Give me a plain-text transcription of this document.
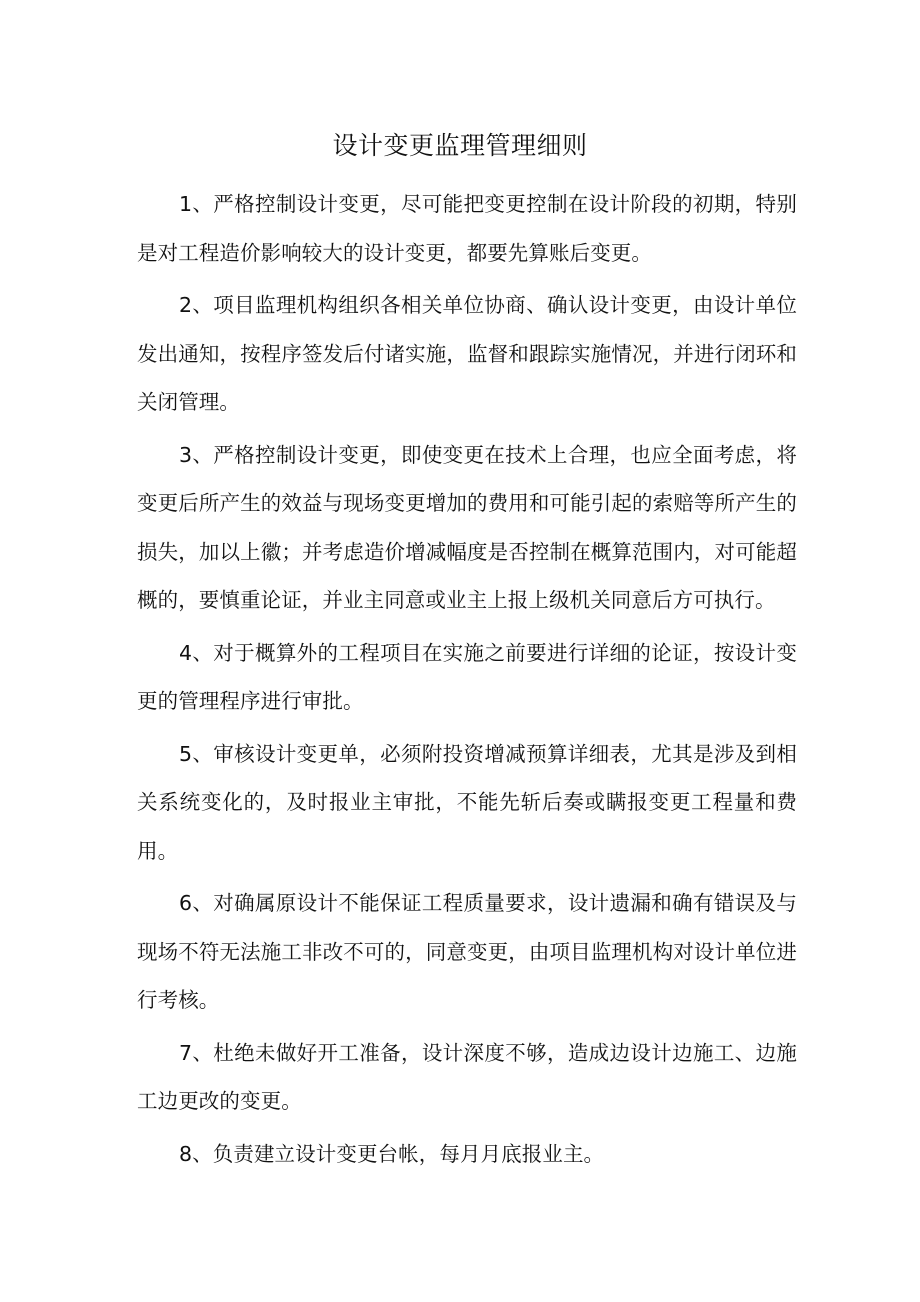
设计变更监理管理细则

1、严格控制设计变更，尽可能把变更控制在设计阶段的初期，特别是对工程造价影响较大的设计变更，都要先算账后变更。

2、项目监理机构组织各相关单位协商、确认设计变更，由设计单位发出通知，按程序签发后付诸实施，监督和跟踪实施情况，并进行闭环和关闭管理。

3、严格控制设计变更，即使变更在技术上合理，也应全面考虑，将变更后所产生的效益与现场变更增加的费用和可能引起的索赔等所产生的损失，加以上徽；并考虑造价增减幅度是否控制在概算范围内，对可能超概的，要慎重论证，并业主同意或业主上报上级机关同意后方可执行。

4、对于概算外的工程项目在实施之前要进行详细的论证，按设计变更的管理程序进行审批。

5、审核设计变更单，必须附投资增减预算详细表，尤其是涉及到相关系统变化的，及时报业主审批，不能先斩后奏或瞒报变更工程量和费用。

6、对确属原设计不能保证工程质量要求，设计遗漏和确有错误及与现场不符无法施工非改不可的，同意变更，由项目监理机构对设计单位进行考核。

7、杜绝未做好开工准备，设计深度不够，造成边设计边施工、边施工边更改的变更。

8、负责建立设计变更台帐，每月月底报业主。
